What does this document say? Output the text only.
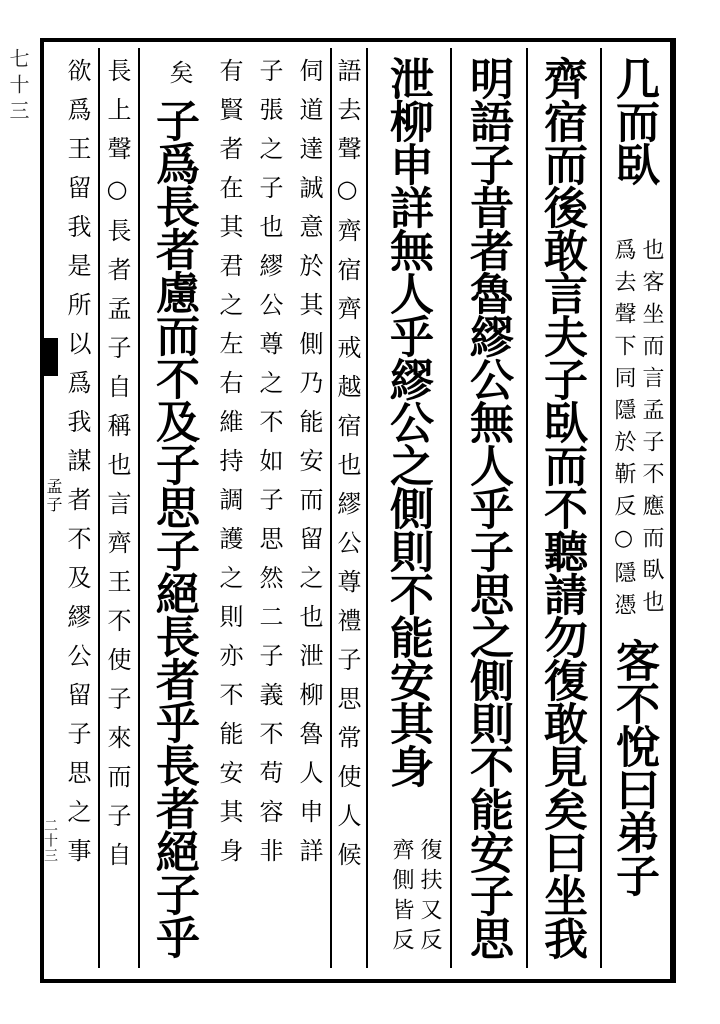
七十三
孟子
二十三
几而臥
爲去聲下同隱於靳反○隱憑 也客坐而言孟子不應而臥也
客不悅曰弟子
齊宿而後敢言夫子臥而不聽請勿復敢見矣曰坐我
明語子昔者魯繆公無人乎子思之側則不能安子思
泄柳申詳無人乎繆公之側則不能安其身
齊側皆反 復扶又反
語去聲○齊宿齊戒越宿也繆公尊禮子思常使人候
伺道達誠意於其側乃能安而留之也泄柳魯人申詳
子張之子也繆公尊之不如子思然二子義不苟容非
有賢者在其君之左右維持調護之則亦不能安其身
矣
子爲長者慮而不及子思子絕長者乎長者絕子乎
長上聲○長者孟子自稱也言齊王不使子來而子自
欲爲王留我是所以爲我謀者不及繆公留子思之事
